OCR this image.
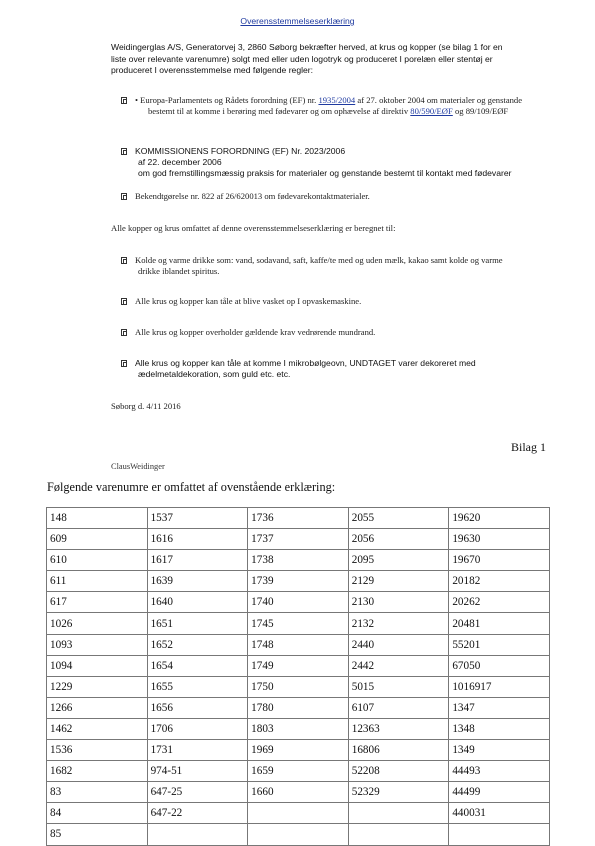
Overensstemmelseserklæring
Weidingerglas A/S, Generatorvej 3, 2860 Søborg bekræfter herved, at krus og kopper (se bilag 1 for en liste over relevante varenumre) solgt med eller uden logotryk og produceret I porelæn eller stentøj er produceret I overensstemmelse med følgende regler:
• Europa-Parlamentets og Rådets forordning (EF) nr. 1935/2004 af 27. oktober 2004 om materialer og genstande bestemt til at komme i berøring med fødevarer og om ophævelse af direktiv 80/590/EØF og 89/109/EØF
KOMMISSIONENS FORORDNING (EF) Nr. 2023/2006
af 22. december 2006
om god fremstillingsmæssig praksis for materialer og genstande bestemt til kontakt med fødevarer
Bekendtgørelse nr. 822 af 26/620013 om fødevarekontaktmaterialer.
Alle kopper og krus omfattet af denne overensstemmelseserklæring er beregnet til:
Kolde og varme drikke som: vand, sodavand, saft, kaffe/te med og uden mælk, kakao samt kolde og varme drikke iblandet spiritus.
Alle krus og kopper kan tåle at blive vasket op I opvaskemaskine.
Alle krus og kopper overholder gældende krav vedrørende mundrand.
Alle krus og kopper kan tåle at komme I mikrobølgeovn, UNDTAGET varer dekoreret med ædelmetaldekoration, som guld etc. etc.
Søborg d. 4/11 2016
Bilag 1
ClausWeidinger
Følgende varenumre er omfattet af ovenstående erklæring:
148	1537	1736	2055	19620
609	1616	1737	2056	19630
610	1617	1738	2095	19670
611	1639	1739	2129	20182
617	1640	1740	2130	20262
1026	1651	1745	2132	20481
1093	1652	1748	2440	55201
1094	1654	1749	2442	67050
1229	1655	1750	5015	1016917
1266	1656	1780	6107	1347
1462	1706	1803	12363	1348
1536	1731	1969	16806	1349
1682	974-51	1659	52208	44493
83	647-25	1660	52329	44499
84	647-22			440031
85				
